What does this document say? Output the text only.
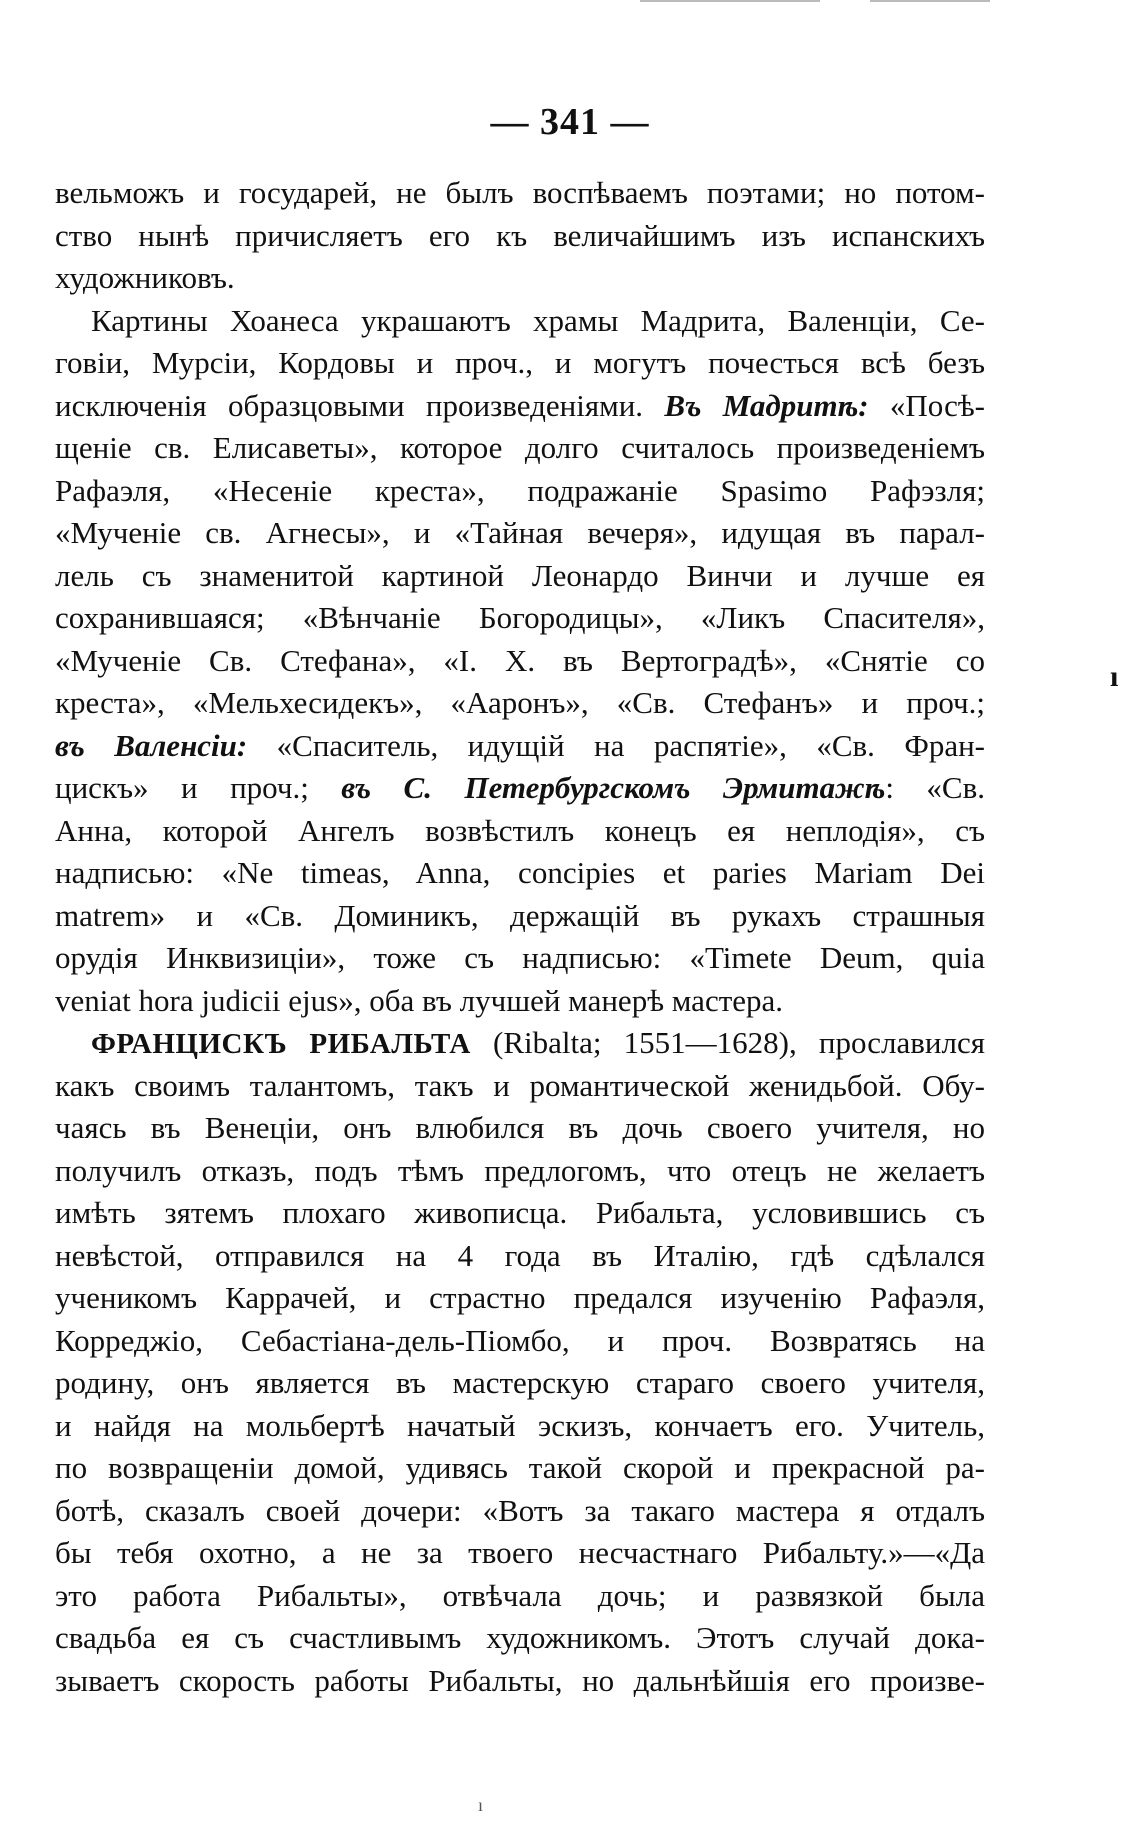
— 341 —
вельможъ и государей, не былъ воспѣваемъ поэтами; но потом-
ство нынѣ причисляетъ его къ величайшимъ изъ испанскихъ
художниковъ.
Картины Хоанеса украшаютъ храмы Мадрита, Валенціи, Се-
говіи, Мурсіи, Кордовы и проч., и могутъ почесться всѣ безъ
исключенія образцовыми произведеніями. Въ Мадритѣ: «Посѣ-
щеніе св. Елисаветы», которое долго считалось произведеніемъ
Рафаэля, «Несеніе креста», подражаніе Spasimo Рафэзля;
«Мученіе св. Агнесы», и «Тайная вечеря», идущая въ парал-
лель съ знаменитой картиной Леонардо Винчи и лучше ея
сохранившаяся; «Вѣнчаніе Богородицы», «Ликъ Спасителя»,
«Мученіе Св. Стефана», «І. Х. въ Вертоградѣ», «Снятіе со
креста», «Мельхесидекъ», «Ааронъ», «Св. Стефанъ» и проч.;
въ Валенсіи: «Спаситель, идущій на распятіе», «Св. Фран-
цискъ» и проч.; въ С. Петербургскомъ Эрмитажѣ: «Св.
Анна, которой Ангелъ возвѣстилъ конецъ ея неплодія», съ
надписью: «Ne timeas, Anna, concipies et paries Mariam Dei
matrem» и «Св. Доминикъ, держащій въ рукахъ страшныя
орудія Инквизиціи», тоже съ надписью: «Timete Deum, quia
veniat hora judicii ejus», оба въ лучшей манерѣ мастера.
ФРАНЦИСКЪ РИБАЛЬТА (Ribalta; 1551—1628), прославился
какъ своимъ талантомъ, такъ и романтической женидьбой. Обу-
чаясь въ Венеціи, онъ влюбился въ дочь своего учителя, но
получилъ отказъ, подъ тѣмъ предлогомъ, что отецъ не желаетъ
имѣть зятемъ плохаго живописца. Рибальта, условившись съ
невѣстой, отправился на 4 года въ Италію, гдѣ сдѣлался
ученикомъ Каррачей, и страстно предался изученію Рафаэля,
Корреджіо, Себастіана-дель-Піомбо, и проч. Возвратясь на
родину, онъ является въ мастерскую стараго своего учителя,
и найдя на мольбертѣ начатый эскизъ, кончаетъ его. Учитель,
по возвращеніи домой, удивясь такой скорой и прекрасной ра-
ботѣ, сказалъ своей дочери: «Вотъ за такаго мастера я отдалъ
бы тебя охотно, а не за твоего несчастнаго Рибальту.»—«Да
это работа Рибальты», отвѣчала дочь; и развязкой была
свадьба ея съ счастливымъ художникомъ. Этотъ случай дока-
зываетъ скорость работы Рибальты, но дальнѣйшія его произве-
ı
ı
